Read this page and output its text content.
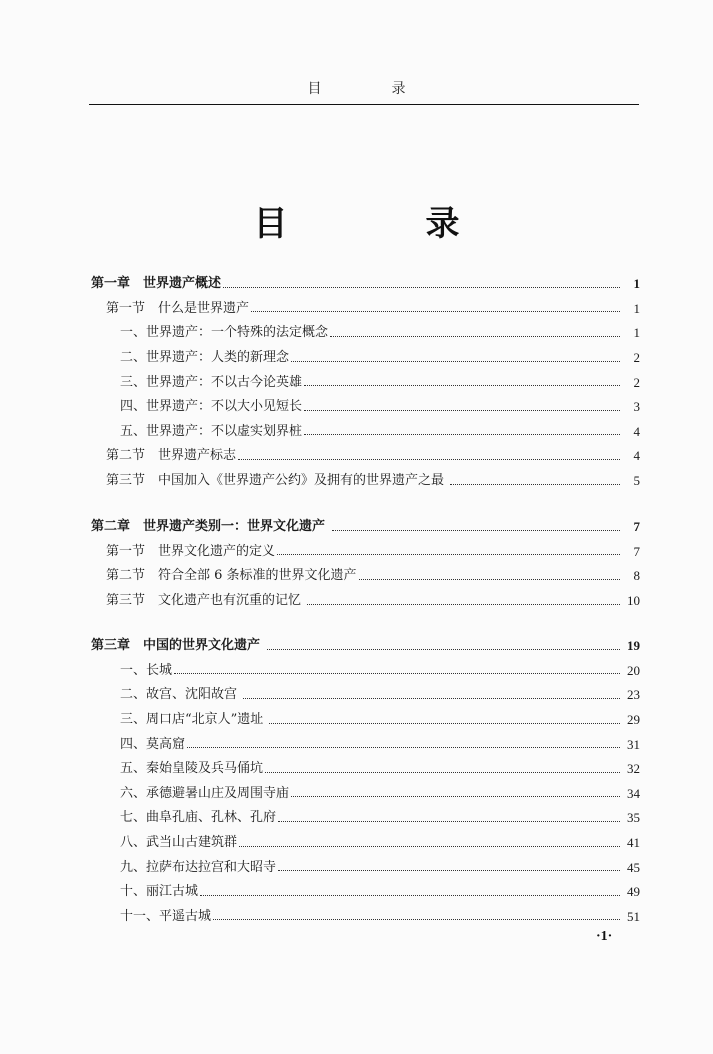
目　录
目　录
第一章　世界遗产概述	1
第一节　什么是世界遗产	1
一、世界遗产：一个特殊的法定概念	1
二、世界遗产：人类的新理念	2
三、世界遗产：不以古今论英雄	2
四、世界遗产：不以大小见短长	3
五、世界遗产：不以虚实划界桩	4
第二节　世界遗产标志	4
第三节　中国加入《世界遗产公约》及拥有的世界遗产之最	5
第二章　世界遗产类别一：世界文化遗产	7
第一节　世界文化遗产的定义	7
第二节　符合全部 6 条标准的世界文化遗产	8
第三节　文化遗产也有沉重的记忆	10
第三章　中国的世界文化遗产	19
一、长城	20
二、故宫、沈阳故宫	23
三、周口店“北京人”遗址	29
四、莫高窟	31
五、秦始皇陵及兵马俑坑	32
六、承德避暑山庄及周围寺庙	34
七、曲阜孔庙、孔林、孔府	35
八、武当山古建筑群	41
九、拉萨布达拉宫和大昭寺	45
十、丽江古城	49
十一、平遥古城	51
·1·
